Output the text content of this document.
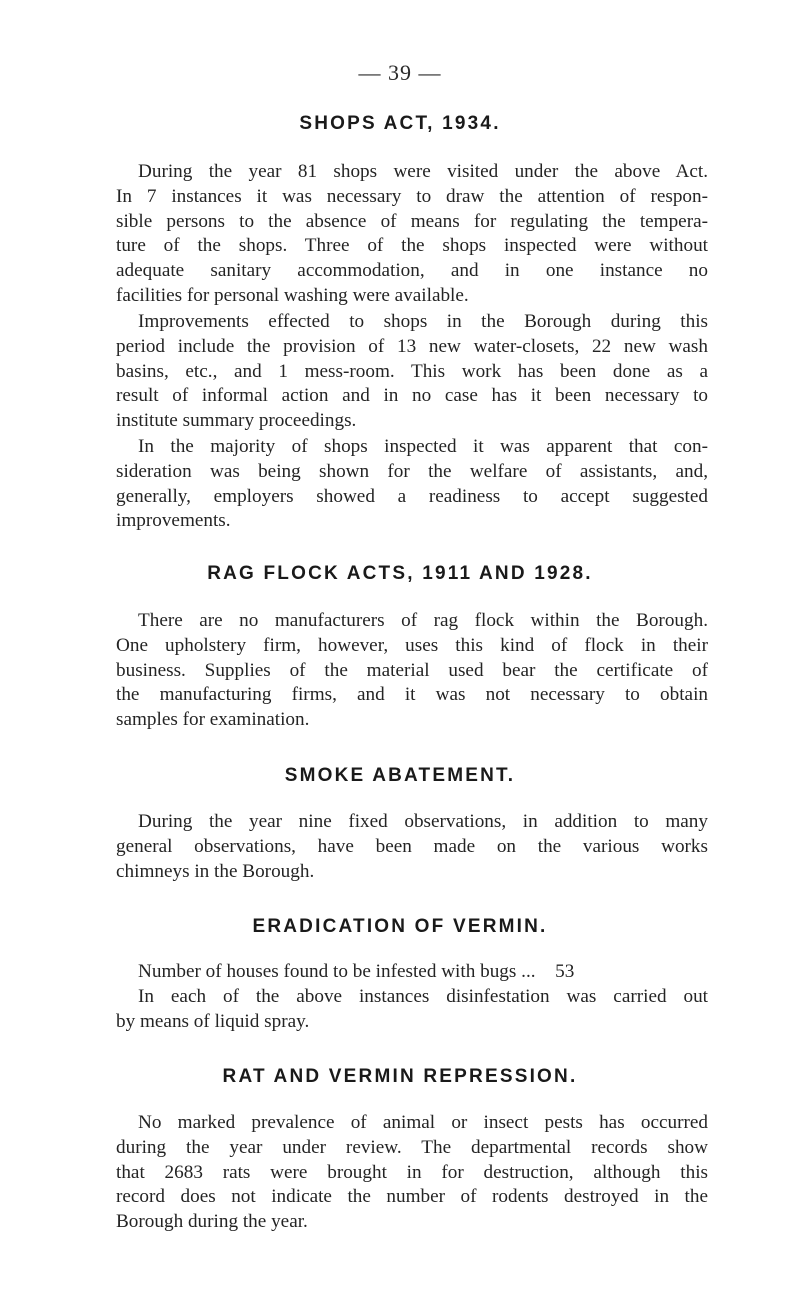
— 39 —
SHOPS ACT, 1934.
During the year 81 shops were visited under the above Act.
In 7 instances it was necessary to draw the attention of respon-
sible persons to the absence of means for regulating the tempera-
ture of the shops. Three of the shops inspected were without
adequate sanitary accommodation, and in one instance no
facilities for personal washing were available.
Improvements effected to shops in the Borough during this
period include the provision of 13 new water-closets, 22 new wash
basins, etc., and 1 mess-room. This work has been done as a
result of informal action and in no case has it been necessary to
institute summary proceedings.
In the majority of shops inspected it was apparent that con-
sideration was being shown for the welfare of assistants, and,
generally, employers showed a readiness to accept suggested
improvements.
RAG FLOCK ACTS, 1911 AND 1928.
There are no manufacturers of rag flock within the Borough.
One upholstery firm, however, uses this kind of flock in their
business. Supplies of the material used bear the certificate of
the manufacturing firms, and it was not necessary to obtain
samples for examination.
SMOKE ABATEMENT.
During the year nine fixed observations, in addition to many
general observations, have been made on the various works
chimneys in the Borough.
ERADICATION OF VERMIN.
Number of houses found to be infested with bugs ... 53
In each of the above instances disinfestation was carried out
by means of liquid spray.
RAT AND VERMIN REPRESSION.
No marked prevalence of animal or insect pests has occurred
during the year under review. The departmental records show
that 2683 rats were brought in for destruction, although this
record does not indicate the number of rodents destroyed in the
Borough during the year.
